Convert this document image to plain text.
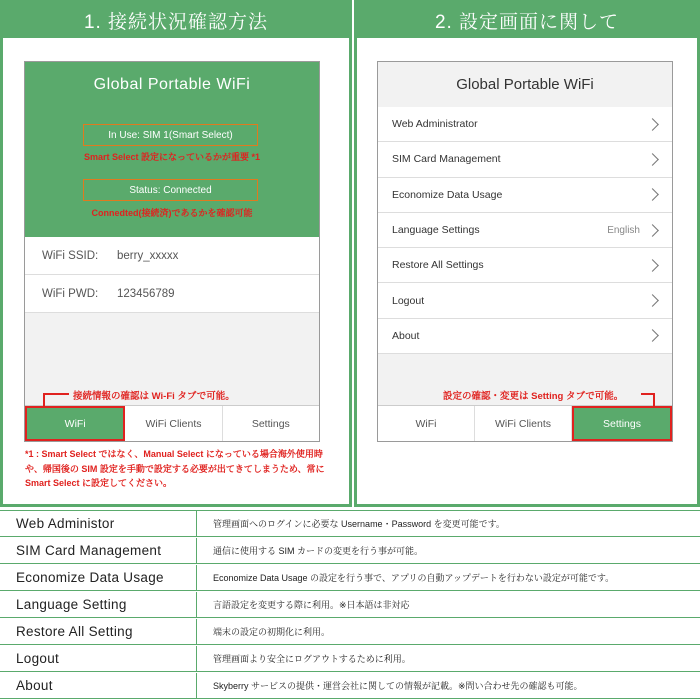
1. 接続状況確認方法
Global Portable WiFi
In Use: SIM 1(Smart Select)
Smart Select 設定になっているかが重要 *1
Status: Connected
Connedted(接続済)であるかを確認可能
WiFi SSID:	berry_xxxxx
WiFi PWD:	123456789
WiFi	WiFi Clients	Settings
接続情報の確認は Wi-Fi タブで可能。
*1 : Smart Select ではなく、Manual Select になっている場合海外使用時や、帰国後の SIM 設定を手動で設定する必要が出てきてしまうため、常に Smart Select に設定してください。
2. 設定画面に関して
Global Portable WiFi
Web Administrator
SIM Card Management
Economize Data Usage
Language Settings	English
Restore All Settings
Logout
About
WiFi	WiFi Clients	Settings
設定の確認・変更は Setting タブで可能。
Web Administor	管理画面へのログインに必要な Username・Password を変更可能です。
SIM Card Management	通信に使用する SIM カードの変更を行う事が可能。
Economize Data Usage	Economize Data Usage の設定を行う事で、アプリの自動アップデートを行わない設定が可能です。
Language Setting	言語設定を変更する際に利用。※日本語は非対応
Restore All Setting	端末の設定の初期化に利用。
Logout	管理画面より安全にログアウトするために利用。
About	Skyberry サービスの提供・運営会社に関しての情報が記載。※問い合わせ先の確認も可能。
